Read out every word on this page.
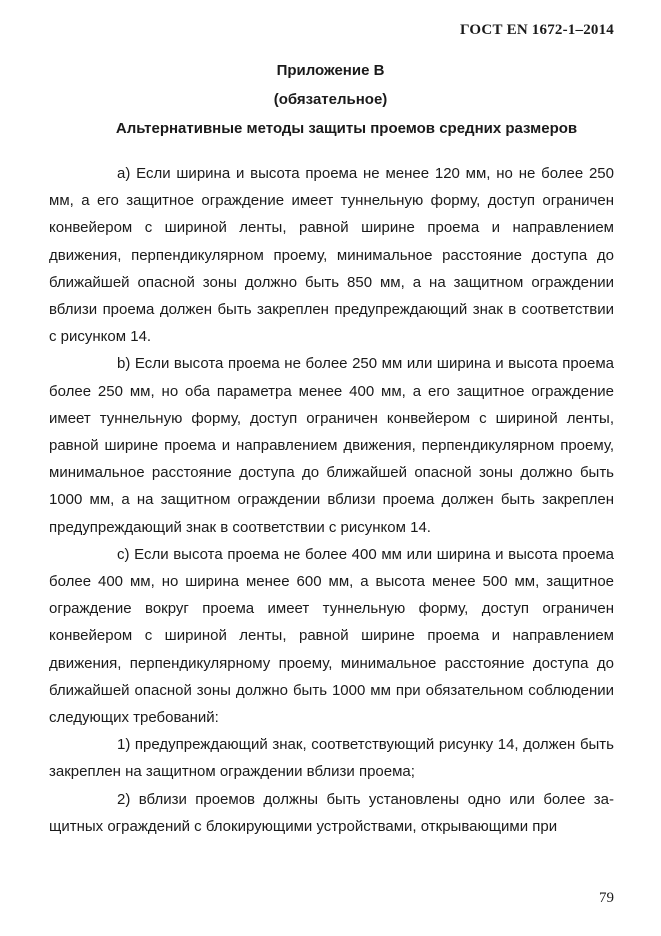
ГОСТ EN 1672-1–2014
Приложение В
(обязательное)
Альтернативные методы защиты проемов средних размеров

а) Если ширина и высота проема не менее 120 мм, но не более 250 мм, а его защитное ограждение имеет туннельную форму, доступ ограничен конвейером с шириной ленты, равной ширине проема и направлением движения, перпендикулярном проему, минимальное расстояние доступа до ближайшей опасной зоны должно быть 850 мм, а на защитном ограждении вблизи проема должен быть закреплен предупреждающий знак в соответствии с рисунком 14.

b) Если высота проема не более 250 мм или ширина и высота проема более 250 мм, но оба параметра менее 400 мм, а его защитное ограждение имеет туннельную форму, доступ ограничен конвейером с шириной ленты, равной ширине проема и направлением движения, перпендикулярном проему, минимальное расстояние доступа до ближайшей опасной зоны должно быть 1000 мм, а на защитном ограждении вблизи проема должен быть закреплен предупреждающий знак в соответствии с рисунком 14.

с) Если высота проема не более 400 мм или ширина и высота проема более 400 мм, но ширина менее 600 мм, а высота менее 500 мм, защитное ограждение вокруг проема имеет туннельную форму, доступ ограничен конвейером с шириной ленты, равной ширине проема и направлением движения, перпендикулярному проему, минимальное расстояние доступа до ближайшей опасной зоны должно быть 1000 мм при обязательном соблюдении следующих требований:

1) предупреждающий знак, соответствующий рисунку 14, должен быть закреплен на защитном ограждении вблизи проема;

2) вблизи проемов должны быть установлены одно или более защитных ограждений с блокирующими устройствами, открывающими при

79
